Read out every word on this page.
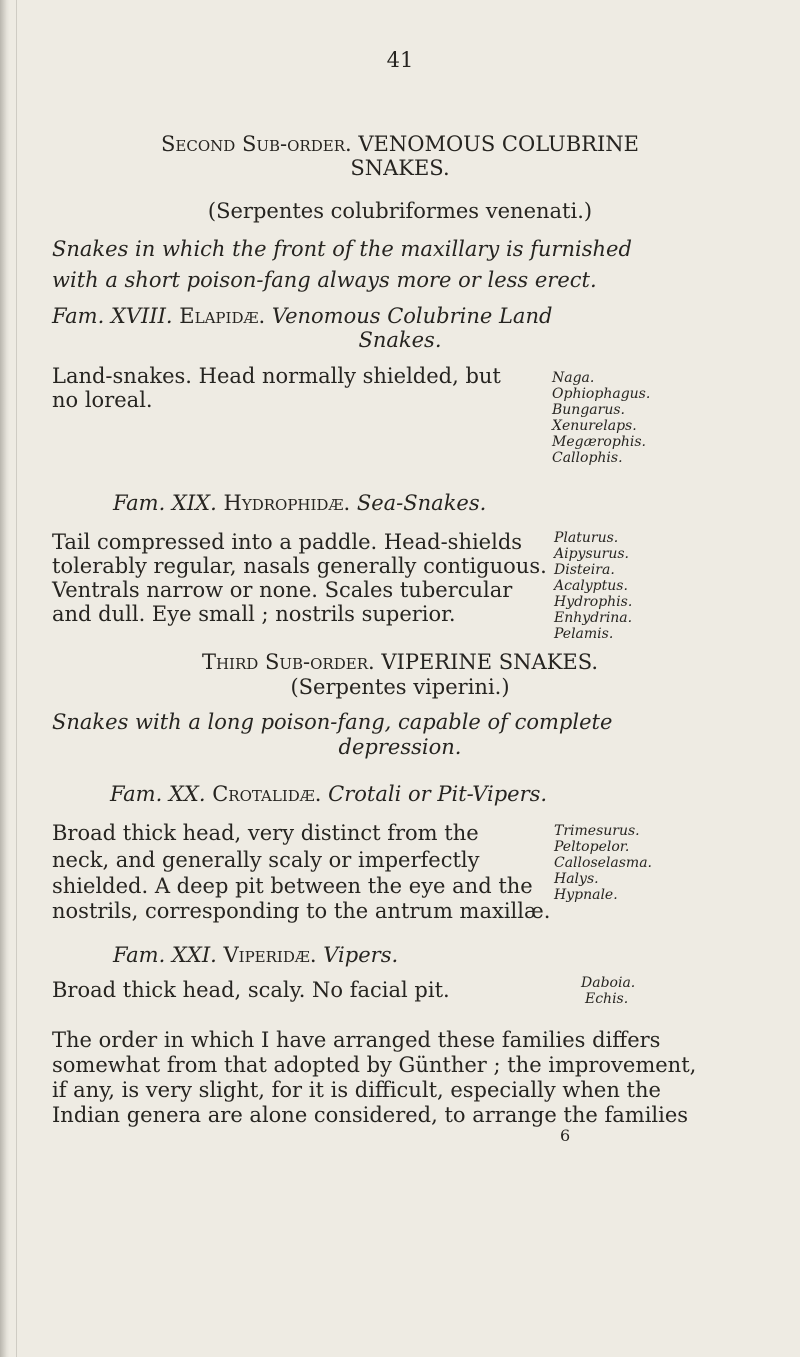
41
Second Sub-order. VENOMOUS COLUBRINE
SNAKES.
(Serpentes colubriformes venenati.)
Snakes in which the front of the maxillary is furnished
with a short poison-fang always more or less erect.
Fam. XVIII. Elapidæ. Venomous Colubrine Land
Snakes.
Land-snakes. Head normally shielded, but
no loreal.
Naga.
Ophiophagus.
Bungarus.
Xenurelaps.
Megærophis.
Callophis.
Fam. XIX. Hydrophidæ. Sea-Snakes.
Tail compressed into a paddle. Head-shields
tolerably regular, nasals generally contiguous.
Ventrals narrow or none. Scales tubercular
and dull. Eye small ; nostrils superior.
Platurus.
Aipysurus.
Disteira.
Acalyptus.
Hydrophis.
Enhydrina.
Pelamis.
Third Sub-order. VIPERINE SNAKES.
(Serpentes viperini.)
Snakes with a long poison-fang, capable of complete
depression.
Fam. XX. Crotalidæ. Crotali or Pit-Vipers.
Broad thick head, very distinct from the
neck, and generally scaly or imperfectly
shielded. A deep pit between the eye and the
nostrils, corresponding to the antrum maxillæ.
Trimesurus.
Peltopelor.
Calloselasma.
Halys.
Hypnale.
Fam. XXI. Viperidæ. Vipers.
Broad thick head, scaly. No facial pit.	Daboia.
Echis.
The order in which I have arranged these families differs
somewhat from that adopted by Günther ; the improvement,
if any, is very slight, for it is difficult, especially when the
Indian genera are alone considered, to arrange the families
6
